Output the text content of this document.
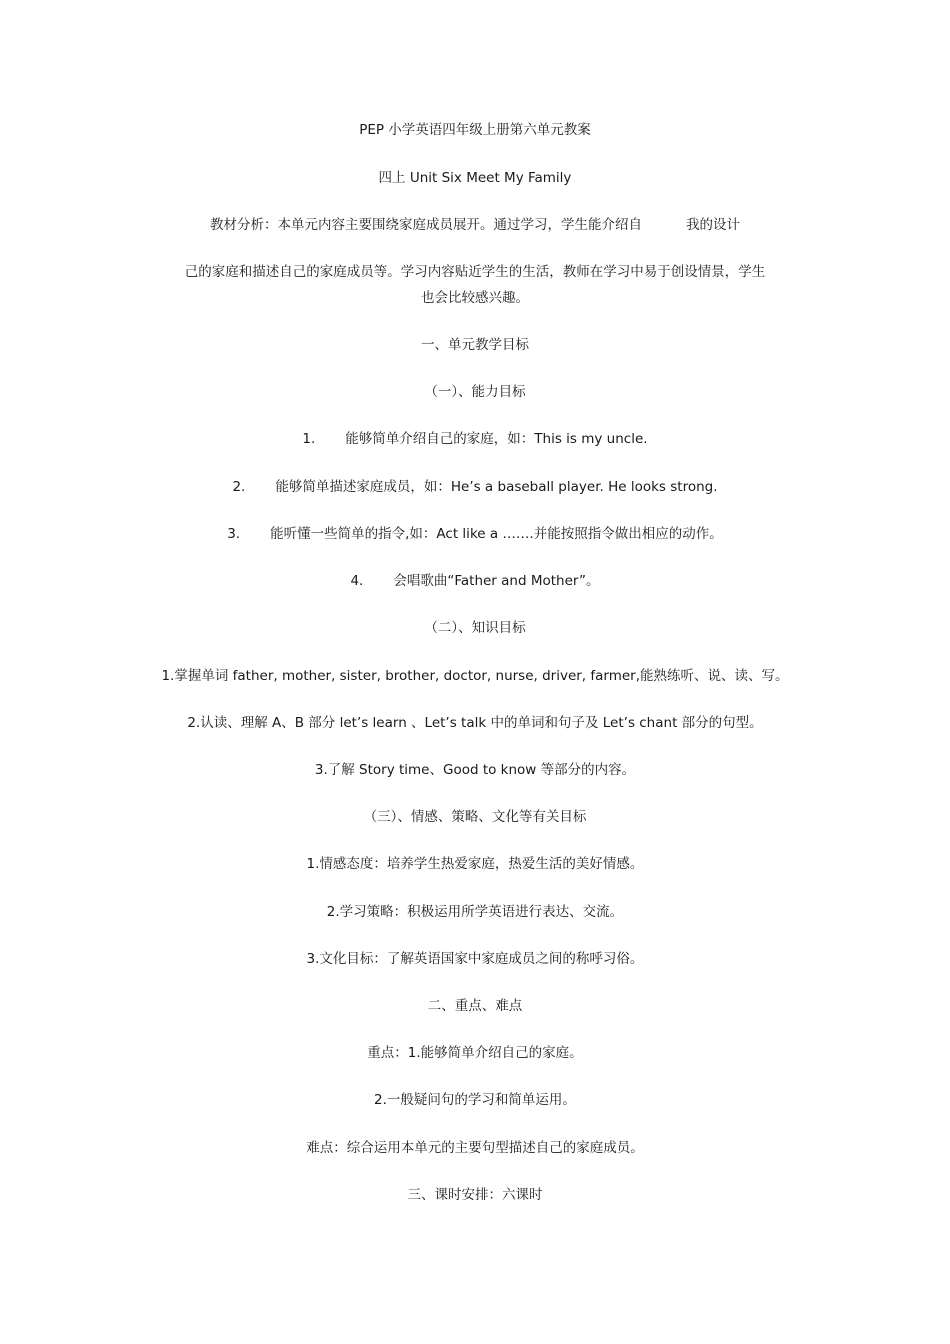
PEP 小学英语四年级上册第六单元教案
四上 Unit Six Meet My Family
教材分析：本单元内容主要围绕家庭成员展开。通过学习，学生能介绍自	我的设计
己的家庭和描述自己的家庭成员等。学习内容贴近学生的生活，教师在学习中易于创设情景，学生
也会比较感兴趣。
一、单元教学目标
（一）、能力目标
1. 能够简单介绍自己的家庭，如：This is my uncle.
2. 能够简单描述家庭成员，如：He’s a baseball player. He looks strong.
3. 能听懂一些简单的指令,如：Act like a …….并能按照指令做出相应的动作。
4. 会唱歌曲“Father and Mother”。
（二）、知识目标
1.掌握单词 father, mother, sister, brother, doctor, nurse, driver, farmer,能熟练听、说、读、写。
2.认读、理解 A、B 部分 let’s learn 、Let’s talk 中的单词和句子及 Let’s chant 部分的句型。
3.了解 Story time、Good to know 等部分的内容。
（三）、情感、策略、文化等有关目标
1.情感态度：培养学生热爱家庭，热爱生活的美好情感。
2.学习策略：积极运用所学英语进行表达、交流。
3.文化目标：了解英语国家中家庭成员之间的称呼习俗。
二、重点、难点
重点：1.能够简单介绍自己的家庭。
2.一般疑问句的学习和简单运用。
难点：综合运用本单元的主要句型描述自己的家庭成员。
三、课时安排：六课时
